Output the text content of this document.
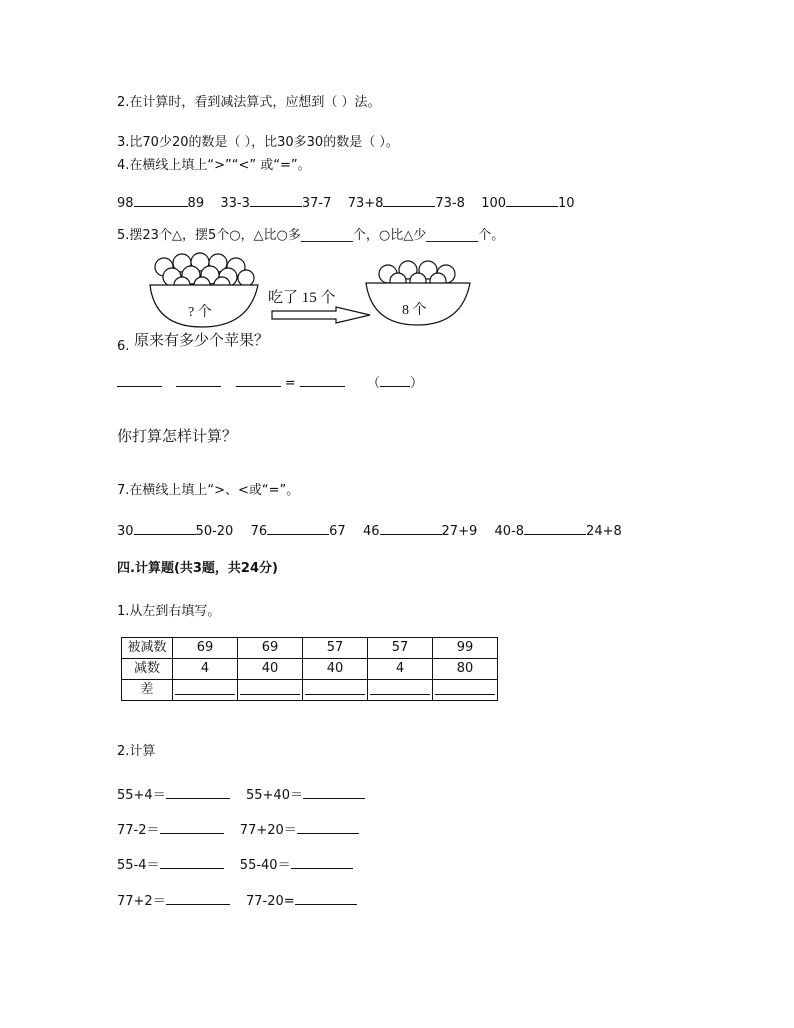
2.在计算时，看到减法算式，应想到（ ）法。
3.比70少20的数是（ ），比30多30的数是（ ）。
4.在横线上填上“>”“<” 或“=”。
98	89 33-3	37-7 73+8	73-8 100	10
5.摆23个△，摆5个○，△比○多________个，○比△少________个。
? 个
吃了 15 个
8 个
6. 原来有多少个苹果？
=	（ ）
你打算怎样计算？
7.在横线上填上“>、<或“=”。
30	50-20 76	67 46	27+9 40-8	24+8
四.计算题(共3题，共24分)
1.从左到右填写。
被减数	69	69	57	57	99
减数	4	40	40	4	80
差	

2.计算
55+4＝	55+40＝
77-2＝	77+20＝
55-4＝	55-40＝
77+2＝	77-20=
